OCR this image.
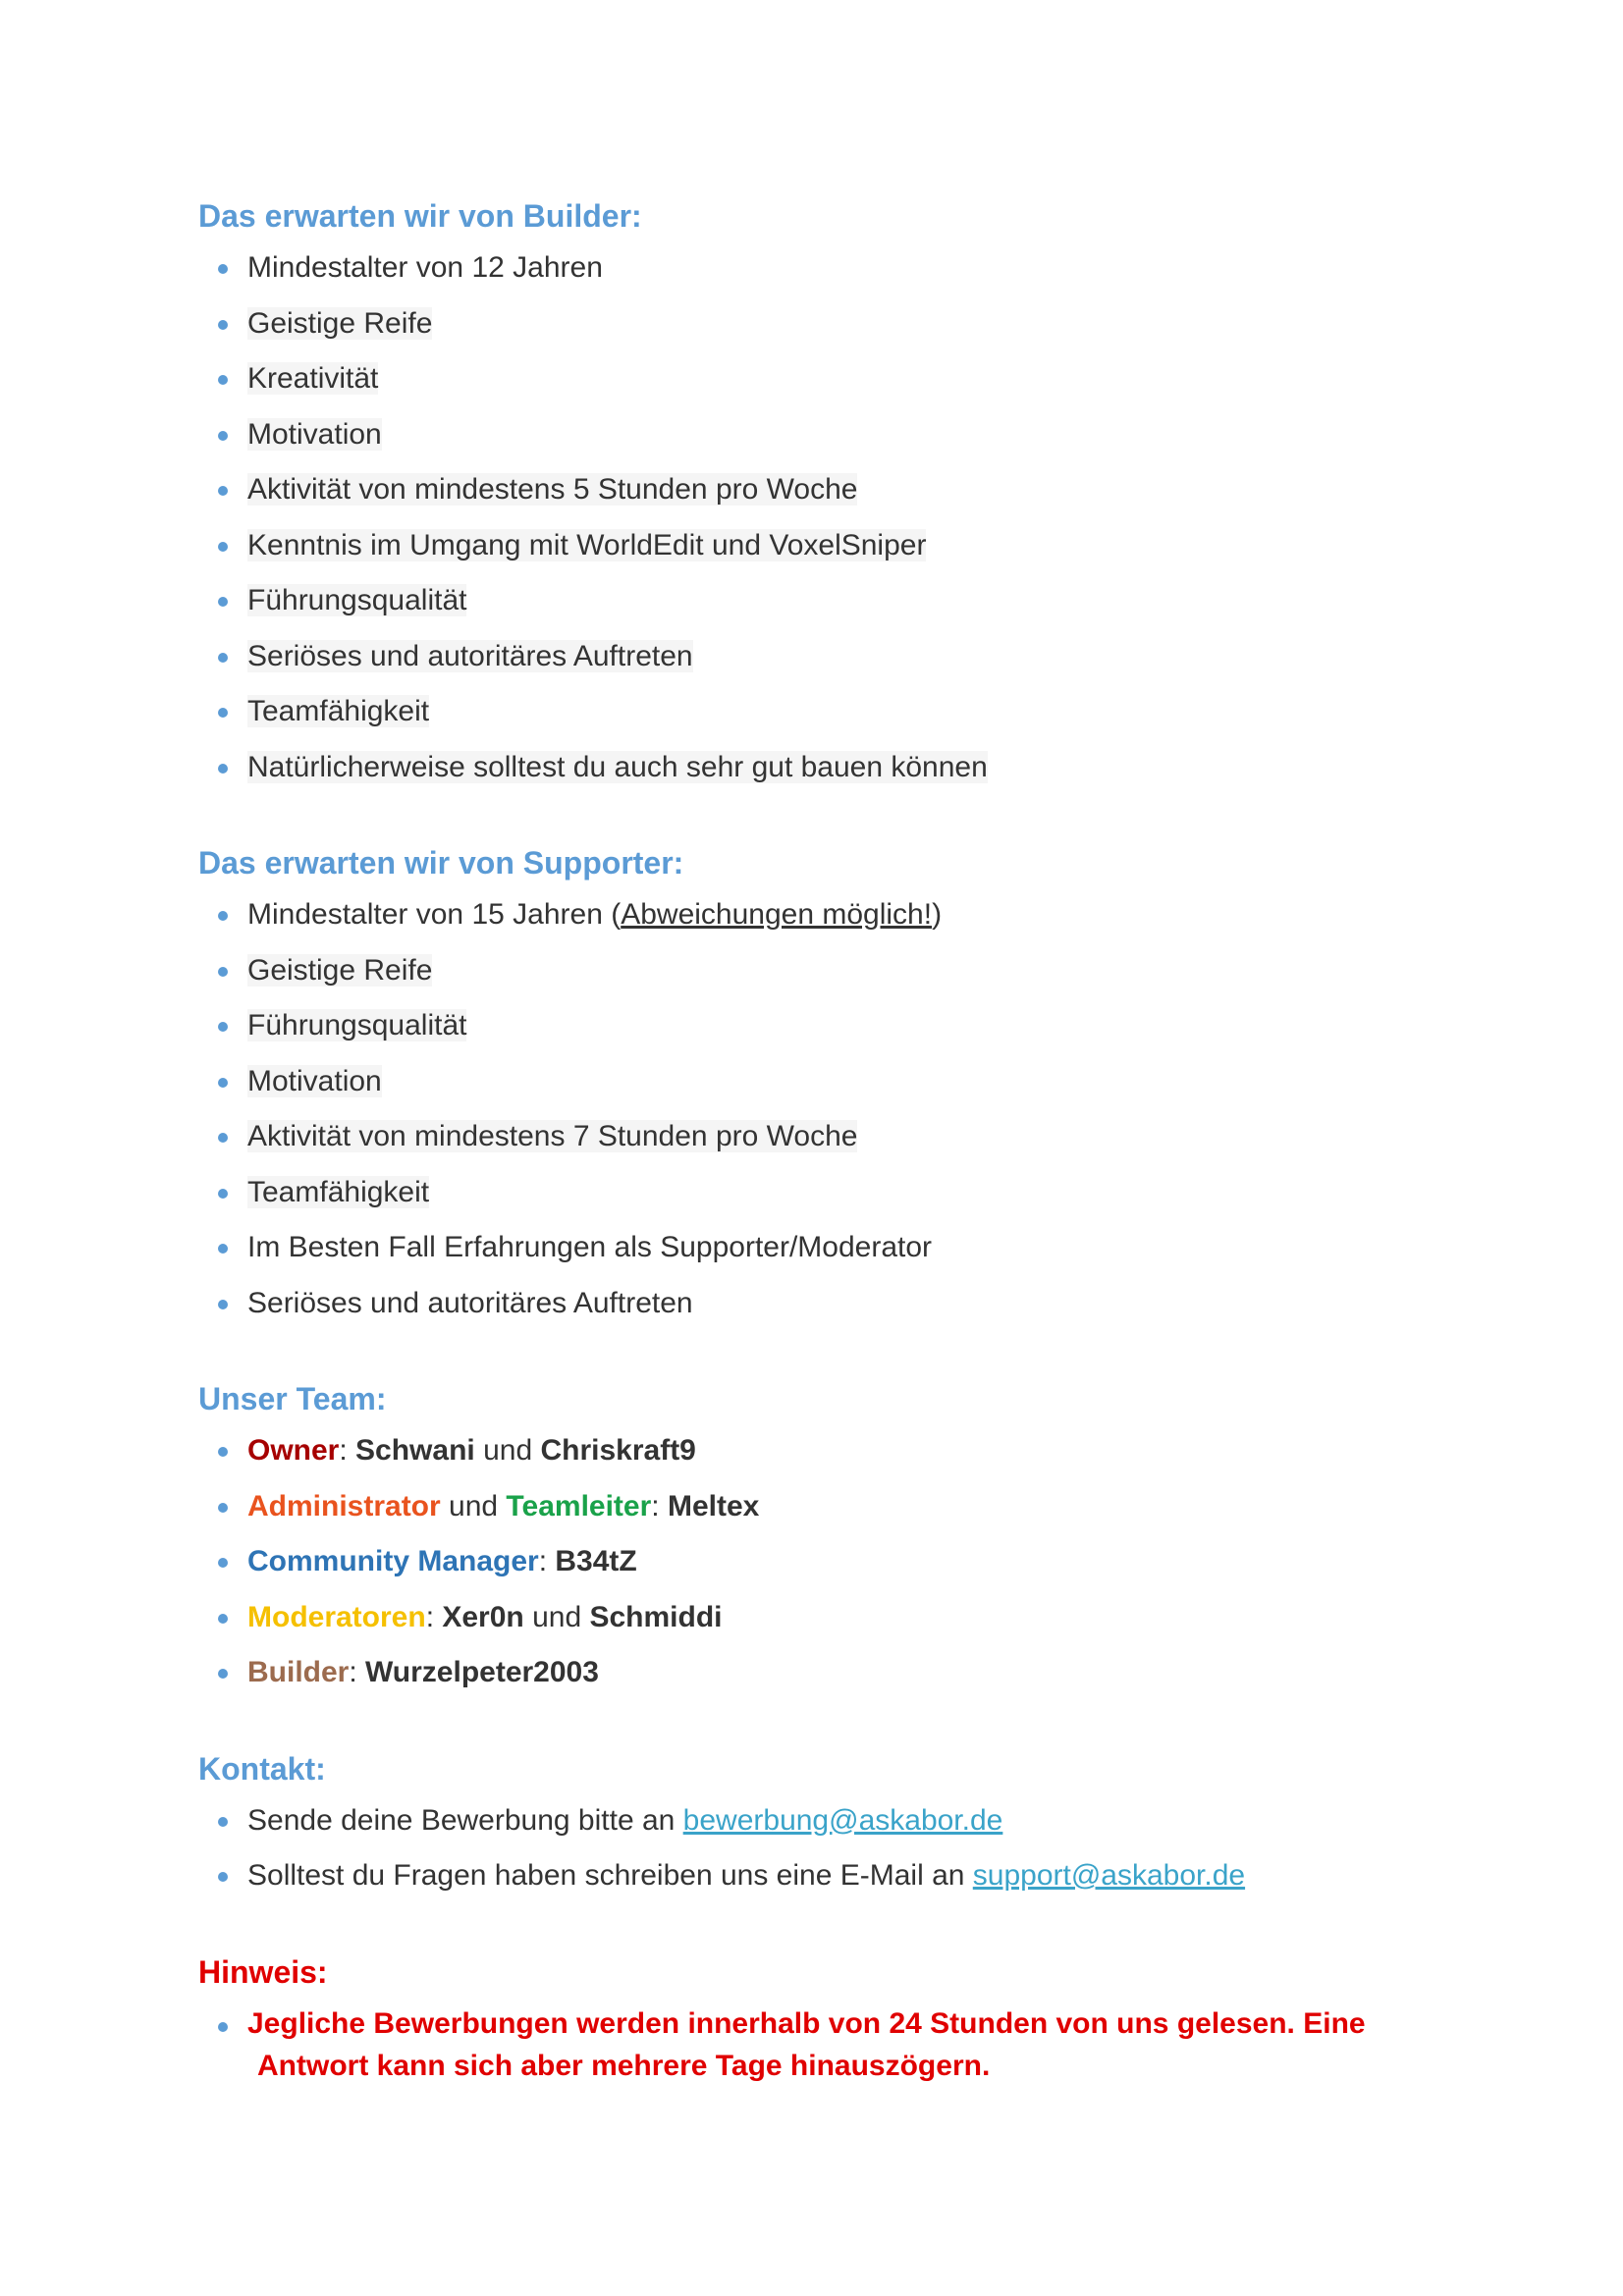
Das erwarten wir von Builder:
Mindestalter von 12 Jahren
Geistige Reife
Kreativität
Motivation
Aktivität von mindestens 5 Stunden pro Woche
Kenntnis im Umgang mit WorldEdit und VoxelSniper
Führungsqualität
Seriöses und autoritäres Auftreten
Teamfähigkeit
Natürlicherweise solltest du auch sehr gut bauen können
Das erwarten wir von Supporter:
Mindestalter von 15 Jahren (Abweichungen möglich!)
Geistige Reife
Führungsqualität
Motivation
Aktivität von mindestens 7 Stunden pro Woche
Teamfähigkeit
Im Besten Fall Erfahrungen als Supporter/Moderator
Seriöses und autoritäres Auftreten
Unser Team:
Owner: Schwani und Chriskraft9
Administrator und Teamleiter: Meltex
Community Manager: B34tZ
Moderatoren: Xer0n und Schmiddi
Builder: Wurzelpeter2003
Kontakt:
Sende deine Bewerbung bitte an bewerbung@askabor.de
Solltest du Fragen haben schreiben uns eine E-Mail an support@askabor.de
Hinweis:
Jegliche Bewerbungen werden innerhalb von 24 Stunden von uns gelesen. Eine
Antwort kann sich aber mehrere Tage hinauszögern.
